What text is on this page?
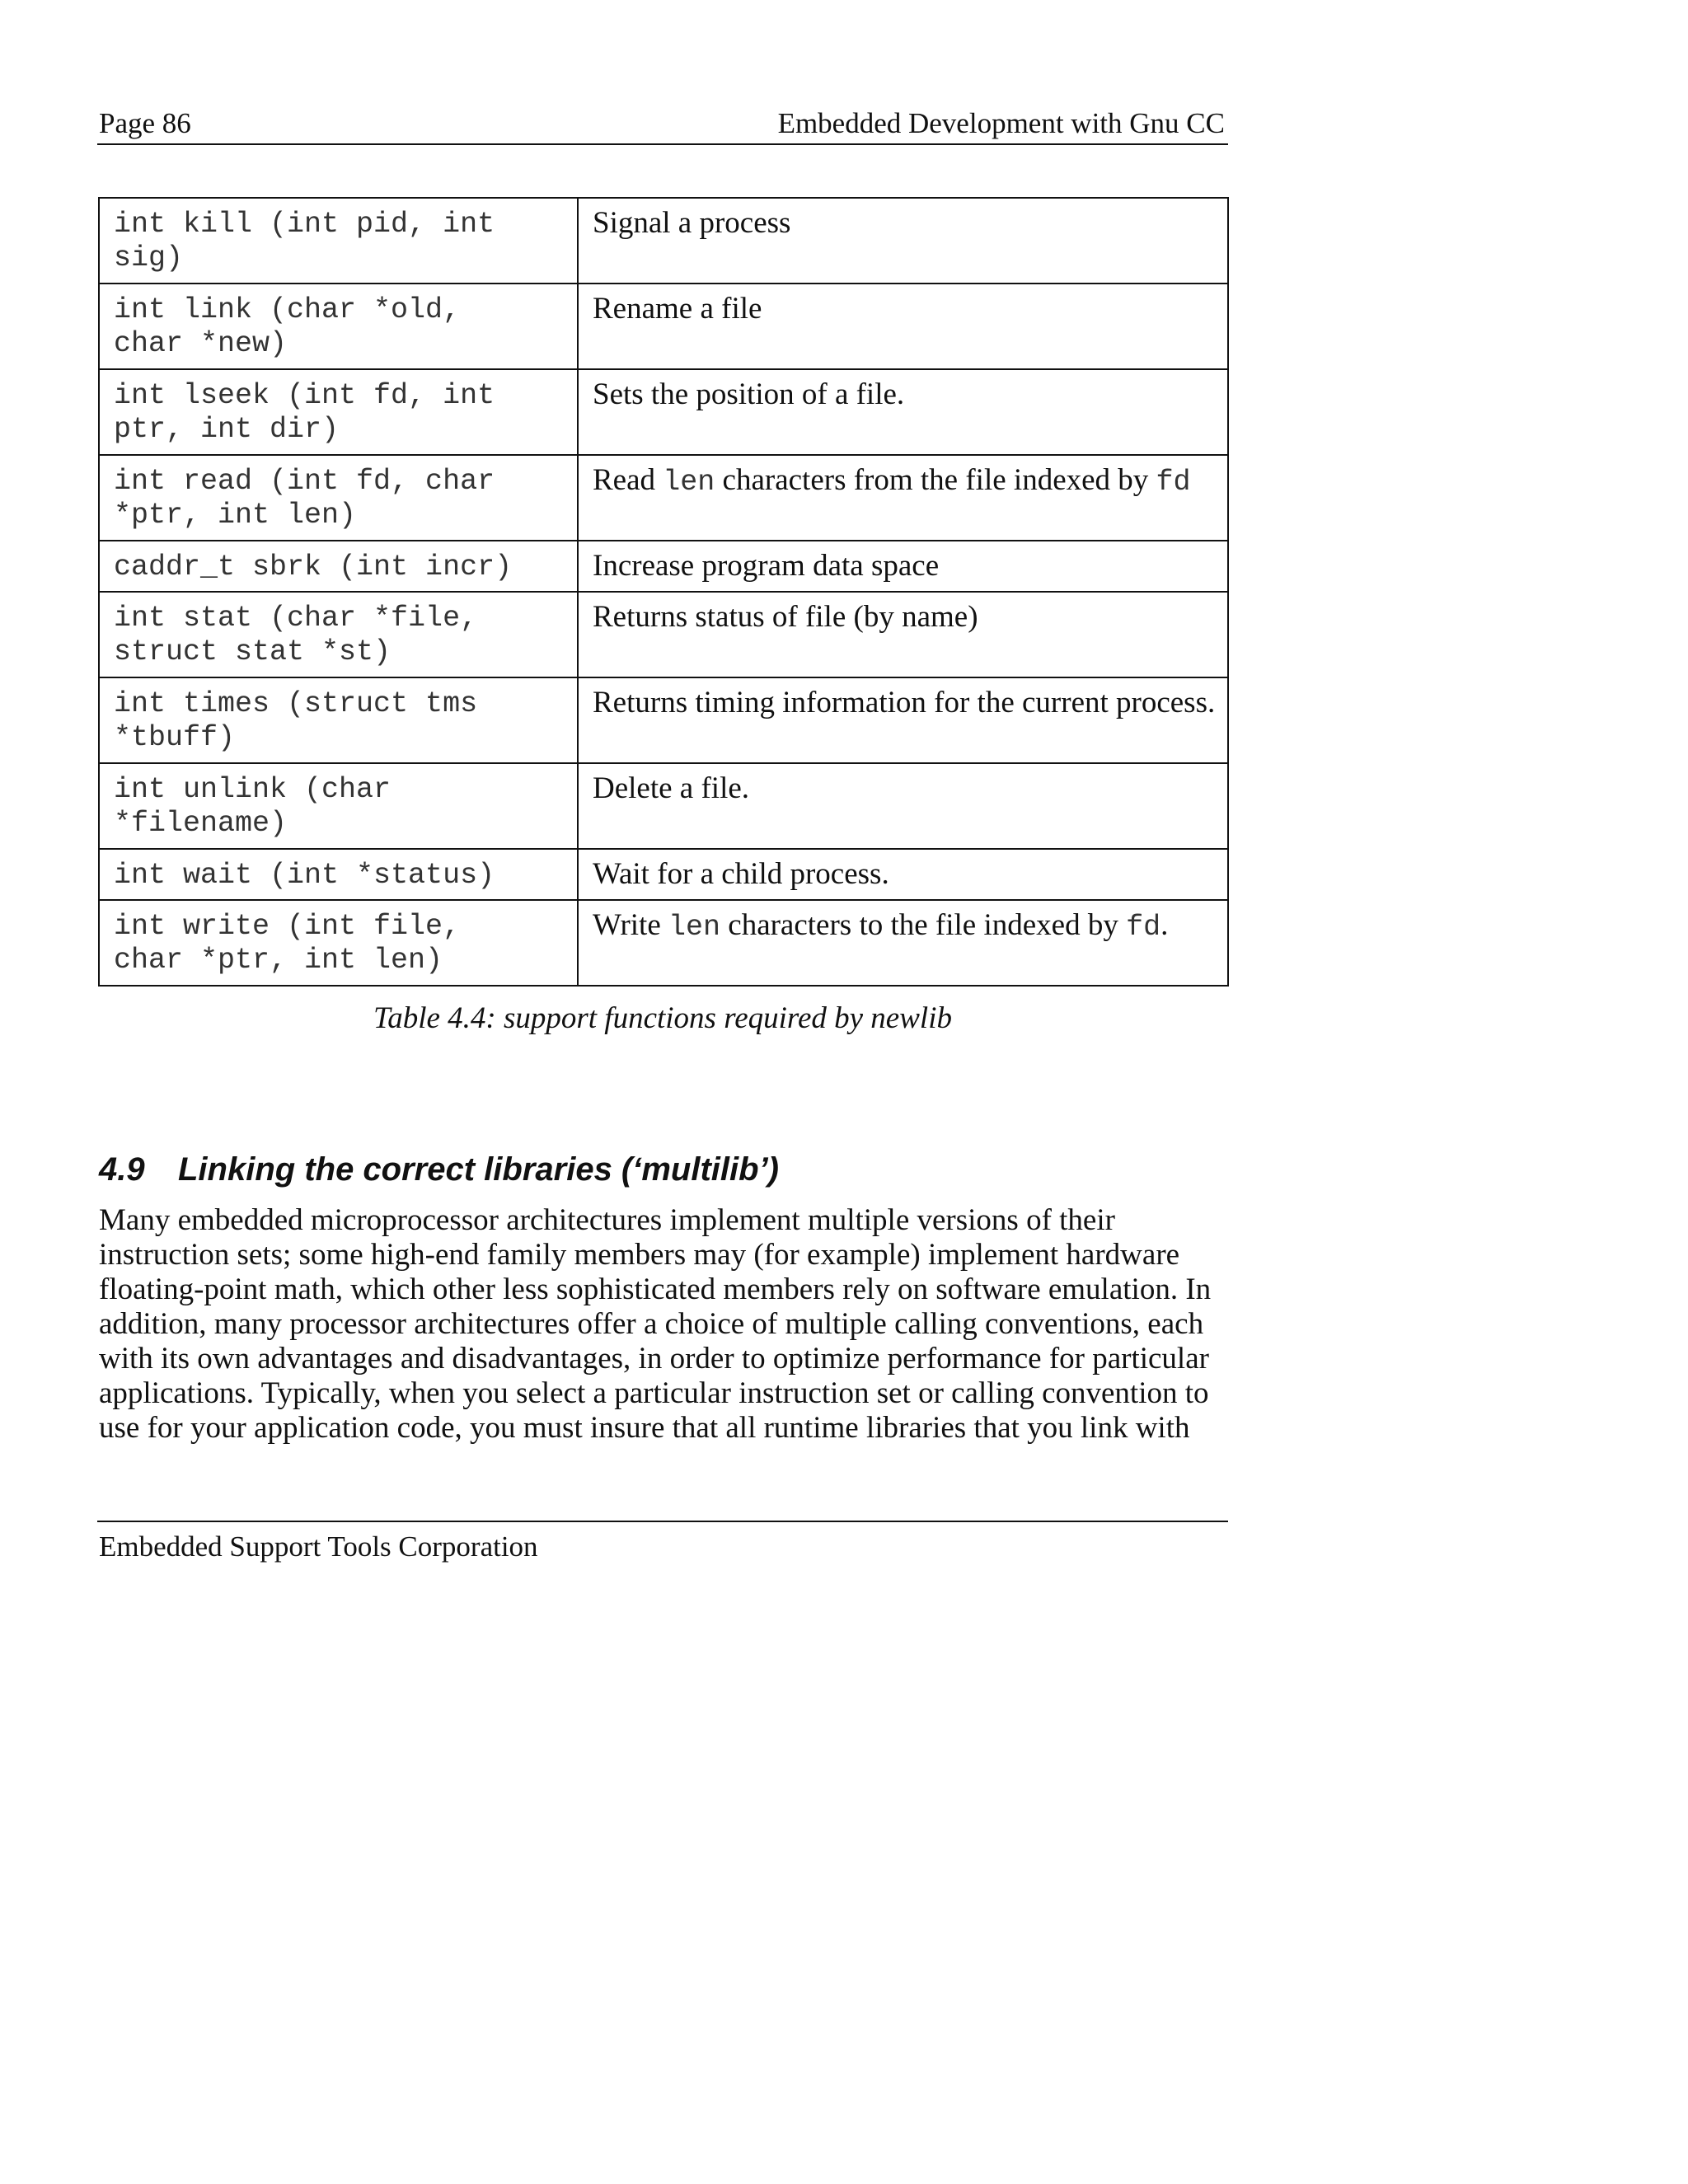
Page 86	Embedded Development with Gnu CC
int kill (int pid, int
sig)	Signal a process
int link (char *old,
char *new)	Rename a file
int lseek (int fd, int
ptr, int dir)	Sets the position of a file.
int read (int fd, char
*ptr, int len)	Read len characters from the file indexed by fd
caddr_t sbrk (int incr)	Increase program data space
int stat (char *file,
struct stat *st)	Returns status of file (by name)
int times (struct tms
*tbuff)	Returns timing information for the current process.
int unlink (char
*filename)	Delete a file.
int wait (int *status)	Wait for a child process.
int write (int file,
char *ptr, int len)	Write len characters to the file indexed by fd.
Table 4.4: support functions required by newlib
4.9 Linking the correct libraries (‘multilib’)
Many embedded microprocessor architectures implement multiple versions of their
instruction sets; some high-end family members may (for example) implement hardware
floating-point math, which other less sophisticated members rely on software emulation. In
addition, many processor architectures offer a choice of multiple calling conventions, each
with its own advantages and disadvantages, in order to optimize performance for particular
applications. Typically, when you select a particular instruction set or calling convention to
use for your application code, you must insure that all runtime libraries that you link with
Embedded Support Tools Corporation
